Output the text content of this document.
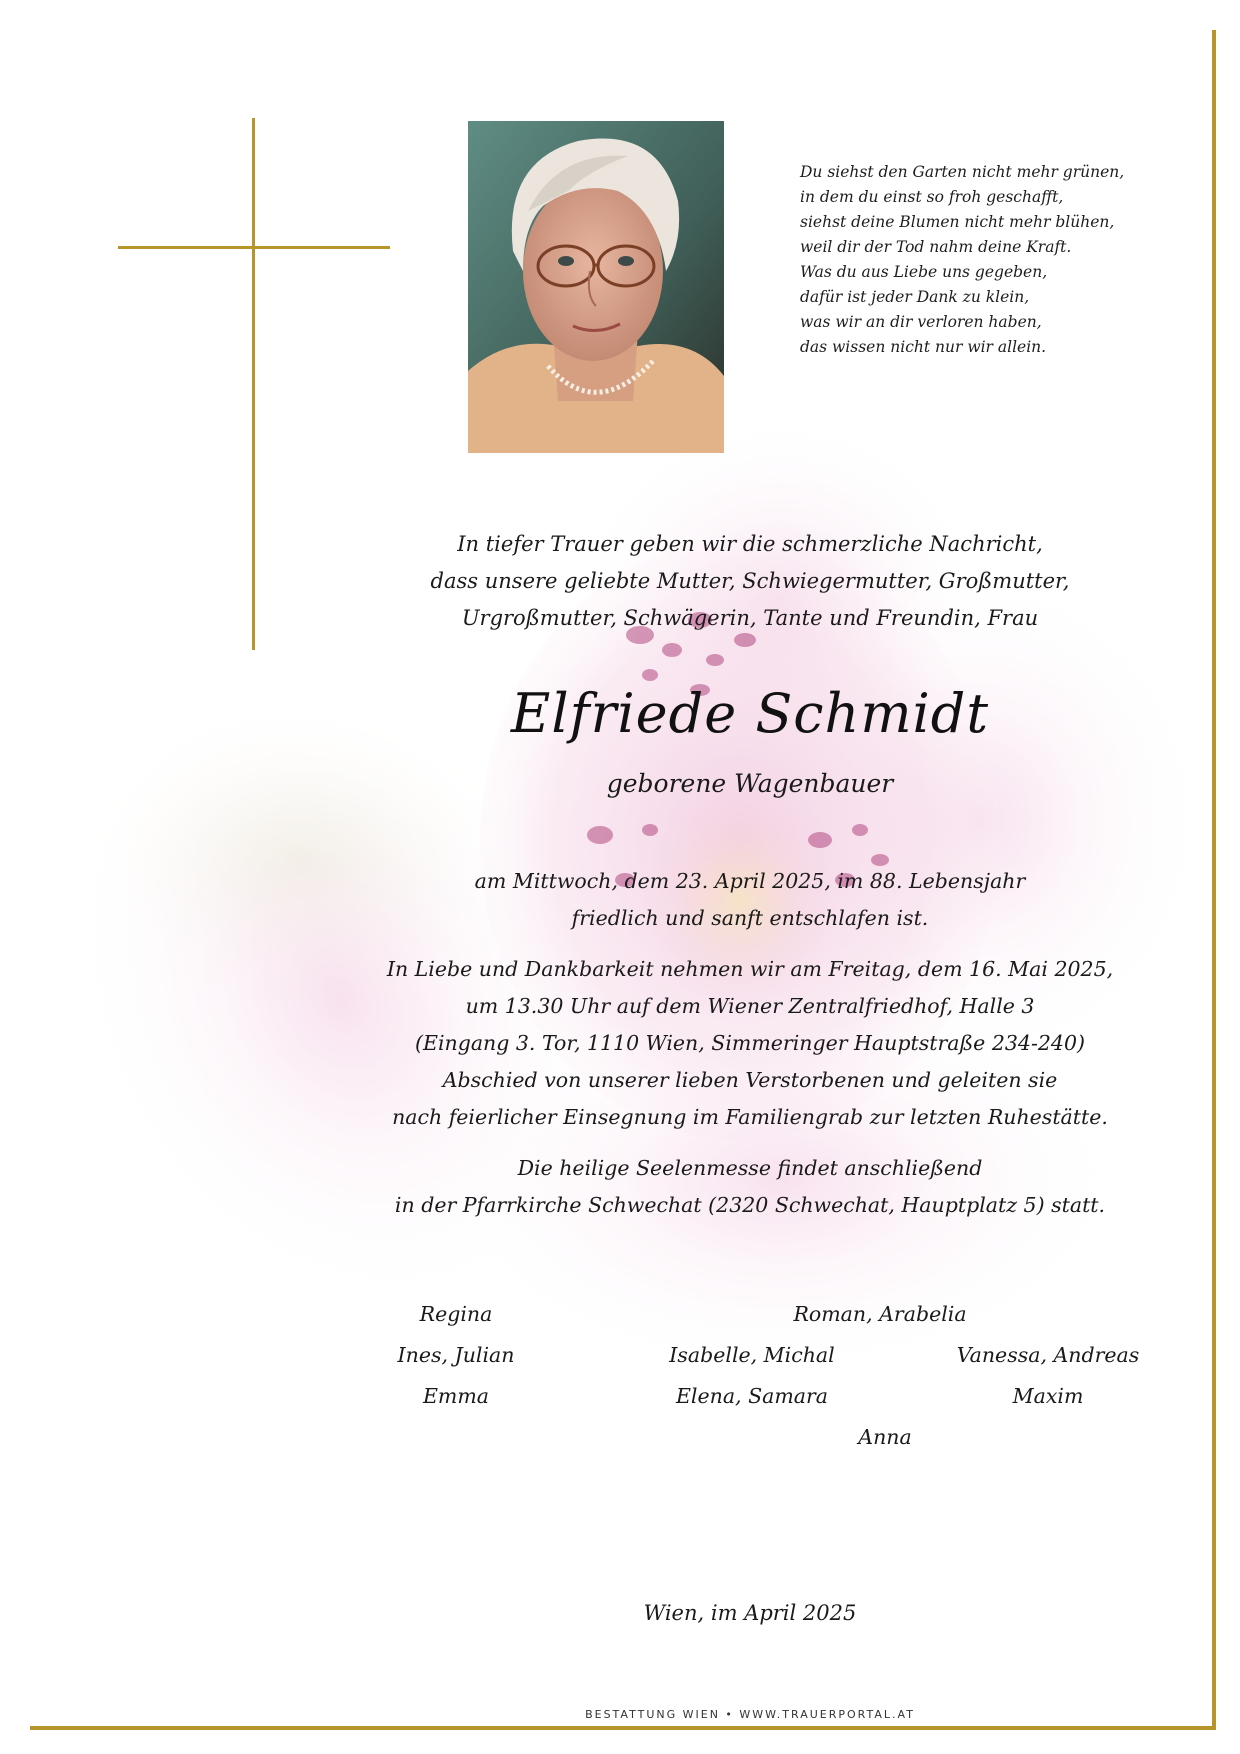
Du siehst den Garten nicht mehr grünen,
in dem du einst so froh geschafft,
siehst deine Blumen nicht mehr blühen,
weil dir der Tod nahm deine Kraft.
Was du aus Liebe uns gegeben,
dafür ist jeder Dank zu klein,
was wir an dir verloren haben,
das wissen nicht nur wir allein.
In tiefer Trauer geben wir die schmerzliche Nachricht,
dass unsere geliebte Mutter, Schwiegermutter, Großmutter,
Urgroßmutter, Schwägerin, Tante und Freundin, Frau
Elfriede Schmidt
geborene Wagenbauer
am Mittwoch, dem 23. April 2025, im 88. Lebensjahr
friedlich und sanft entschlafen ist.
In Liebe und Dankbarkeit nehmen wir am Freitag, dem 16. Mai 2025,
um 13.30 Uhr auf dem Wiener Zentralfriedhof, Halle 3
(Eingang 3. Tor, 1110 Wien, Simmeringer Hauptstraße 234-240)
Abschied von unserer lieben Verstorbenen und geleiten sie
nach feierlicher Einsegnung im Familiengrab zur letzten Ruhestätte.
Die heilige Seelenmesse findet anschließend
in der Pfarrkirche Schwechat (2320 Schwechat, Hauptplatz 5) statt.
Regina	Roman, Arabelia
Ines, Julian	Isabelle, Michal	Vanessa, Andreas
Emma	Elena, Samara	Maxim
Anna
Wien, im April 2025
BESTATTUNG WIEN • WWW.TRAUERPORTAL.AT
